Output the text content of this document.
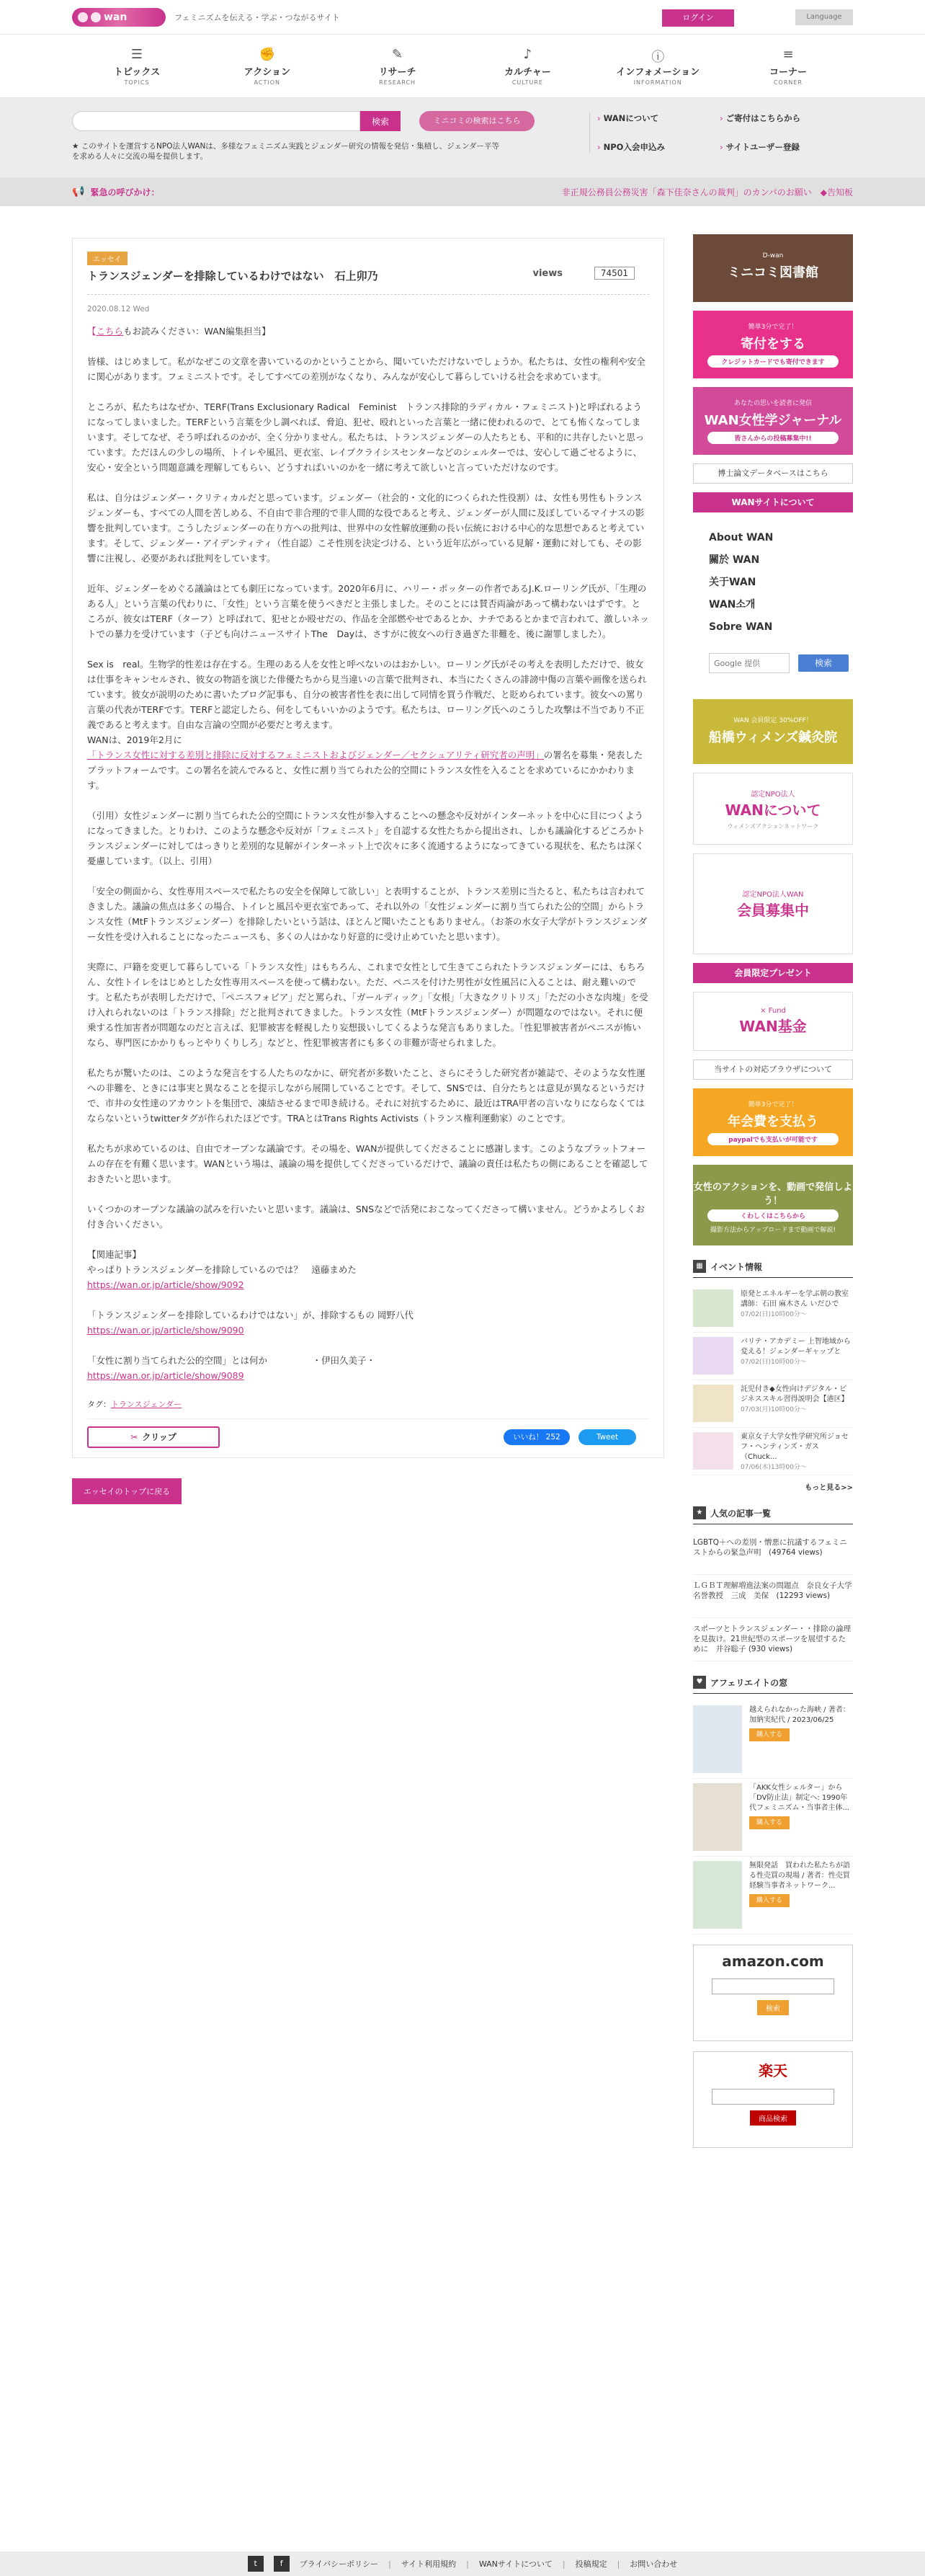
wan	フェミニズムを伝える・学ぶ・つながるサイト	ログイン	Language
☰
トピックス
TOPICS
✊
アクション
ACTION
✎
リサーチ
RESEARCH
♪
カルチャー
CULTURE
ⓘ
インフォメーション
INFORMATION
≡
コーナー
CORNER
検索	ミニコミの検索はこちら
★ このサイトを運営するNPO法人WANは、多様なフェミニズム実践とジェンダー研究の情報を発信・集積し、ジェンダー平等を求める人々に交流の場を提供します。
› WANについて	› ご寄付はこちらから
› NPO入会申込み	› サイトユーザー登録
📢 緊急の呼びかけ：	非正規公務員公務災害「森下佳奈さんの裁判」のカンパのお願い　◆告知板
エッセイ
トランスジェンダーを排除しているわけではない　石上卯乃	views	74501
2020.08.12 Wed

【こちらもお読みください：WAN編集担当】

皆様、はじめまして。私がなぜこの文章を書いているのかということから、聞いていただけないでしょうか。私たちは、女性の権利や安全に関心があります。フェミニストです。そしてすべての差別がなくなり、みんなが安心して暮らしていける社会を求めています。

ところが、私たちはなぜか、TERF(Trans Exclusionary Radical　Feminist　トランス排除的ラディカル・フェミニスト)と呼ばれるようになってしまいました。TERFという言葉を少し調べれば、脅迫、犯せ、殴れといった言葉と一緒に使われるので、とても怖くなってしまいます。そしてなぜ、そう呼ばれるのかが、全く分かりません。私たちは、トランスジェンダーの人たちとも、平和的に共存したいと思っています。ただほんの少しの場所、トイレや風呂、更衣室、レイプクライシスセンターなどのシェルターでは、安心して過ごせるように、安心・安全という問題意識を理解してもらい、どうすればいいのかを一緒に考えて欲しいと言っていただけなのです。

私は、自分はジェンダー・クリティカルだと思っています。ジェンダー（社会的・文化的につくられた性役割）は、女性も男性もトランスジェンダーも、すべての人間を苦しめる、不自由で非合理的で非人間的な役であると考え、ジェンダーが人間に及ぼしているマイナスの影響を批判しています。こうしたジェンダーの在り方への批判は、世界中の女性解放運動の長い伝統における中心的な思想であると考えています。そして、ジェンダー・アイデンティティ（性自認）こそ性別を決定づける、という近年広がっている見解・運動に対しても、その影響に注視し、必要があれば批判をしています。

近年、ジェンダーをめぐる議論はとても劇圧になっています。2020年6月に、ハリー・ポッターの作者であるJ.K.ローリング氏が、「生理のある人」という言葉の代わりに、「女性」という言葉を使うべきだと主張しました。そのことには賛否両論があって構わないはずです。ところが、彼女はTERF（ターフ）と呼ばれて、犯せとか殴せだの、作品を全部燃やせであるとか、ナチであるとかまで言われて、激しいネットでの暴力を受けています（子ども向けニュースサイトThe　Dayは、さすがに彼女への行き過ぎた非難を、後に謝罪しました）。

Sex is　real。生物学的性差は存在する。生理のある人を女性と呼べないのはおかしい。ローリング氏がその考えを表明しただけで、彼女は仕事をキャンセルされ、彼女の物語を演じた俳優たちから見当違いの言葉で批判され、本当にたくさんの誹謗中傷の言葉や画像を送られています。彼女が説明のために書いたブログ記事も、自分の被害者性を表に出して同情を買う作戦だ、と貶められています。彼女への罵り言葉の代表がTERFです。TERFと認定したら、何をしてもいいかのようです。私たちは、ローリング氏へのこうした攻撃は不当であり不正義であると考えます。自由な言論の空間が必要だと考えます。
WANは、2019年2月に
「トランス女性に対する差別と排除に反対するフェミニストおよびジェンダー／セクシュアリティ研究者の声明」の署名を募集・発表したプラットフォームです。この署名を読んでみると、女性に割り当てられた公的空間にトランス女性を入ることを求めているにかかわります。

（引用）女性ジェンダーに割り当てられた公的空間にトランス女性が参入することへの懸念や反対がインターネットを中心に目につくようになってきました。とりわけ、このような懸念や反対が「フェミニスト」を自認する女性たちから提出され、しかも議論化するどころかトランスジェンダーに対してはっきりと差別的な見解がインターネット上で次々に多く流通するようになってきている現状を、私たちは深く憂慮しています。（以上、引用）

「安全の側面から、女性専用スペースで私たちの安全を保障して欲しい」と表明することが、トランス差別に当たると、私たちは言われてきました。議論の焦点は多くの場合、トイレと風呂や更衣室であって、それ以外の「女性ジェンダーに割り当てられた公的空間」からトランス女性（MtFトランスジェンダー）を排除したいという話は、ほとんど聞いたこともありません。（お茶の水女子大学がトランスジェンダー女性を受け入れることになったニュースも、多くの人はかなり好意的に受け止めていたと思います）。

実際に、戸籍を変更して暮らしている「トランス女性」はもちろん、これまで女性として生きてこられたトランスジェンダーには、もちろん、女性トイレをはじめとした女性専用スペースを使って構わない。ただ、ペニスを付けた男性が女性風呂に入ることは、耐え難いのです。と私たちが表明しただけで、「ペニスフォビア」だと罵られ、「ガールディック」「女根」「大きなクリトリス」「ただの小さな肉塊」を受け入れられないのは「トランス排除」だと批判されてきました。トランス女性（MtFトランスジェンダー）が問題なのではない。それに便乗する性加害者が問題なのだと言えば、犯罪被害を軽視したり妄想扱いしてくるような発言もありました。「性犯罪被害者がペニスが怖いなら、専門医にかかりもっとやりくりしろ」などと、性犯罪被害者にも多くの非難が寄せられました。

私たちが驚いたのは、このような発言をする人たちのなかに、研究者が多数いたこと、さらにそうした研究者が雑誌で、そのような女性運への非難を、ときには事実と異なることを提示しながら展開していることです。そして、SNSでは、自分たちとは意見が異なるというだけで、市井の女性達のアカウントを集団で、凍結させるまで叩き続ける。それに対抗するために、最近はTRA甲者の言いなりにならなくてはならないというtwitterタグが作られたほどです。TRAとはTrans Rights Activists（トランス権利運動家）のことです。

私たちが求めているのは、自由でオープンな議論です。その場を、WANが提供してくださることに感謝します。このようなプラットフォームの存在を有難く思います。WANという場は、議論の場を提供してくださっているだけで、議論の責任は私たちの側にあることを確認しておきたいと思います。

いくつかのオープンな議論の試みを行いたいと思います。議論は、SNSなどで活発におこなってくださって構いません。どうかよろしくお付き合いください。

【関連記事】
やっぱりトランスジェンダーを排除しているのでは？　遠藤まめた
https://wan.or.jp/article/show/9092

「トランスジェンダーを排除しているわけではない」が、排除するもの 岡野八代
https://wan.or.jp/article/show/9090

「女性に割り当てられた公的空間」とは何か　　　　　・伊田久美子・
https://wan.or.jp/article/show/9089

タグ：トランスジェンダー
✂ クリップ	いいね！ 252	Tweet
エッセイのトップに戻る
D-wan
ミニコミ図書館
簡単3分で完了！
寄付をする
クレジットカードでも寄付できます
あなたの思いを読者に発信
WAN女性学ジャーナル
皆さんからの投稿募集中!!
博士論文データベースはこちら
WANサイトについて
About WAN
關於 WAN
关于WAN
WAN소개
Sobre WAN
Google 提供
検索
WAN 会員限定 30%OFF！
船橋ウィメンズ鍼灸院
認定NPO法人
WANについて
ウィメンズアクションネットワーク
認定NPO法人WAN
会員募集中
会員限定プレゼント
× Fund
WAN基金
当サイトの対応ブラウザについて
簡単3分で完了！
年会費を支払う
paypalでも支払いが可能です
女性のアクションを、動画で発信しよう！
くわしくはこちらから
撮影方法からアップロードまで動画で解説!
▦ イベント情報
原発とエネルギーを学ぶ朝の教室 講師：石田 麻木さん いだひで
07/02(日)10時00分〜
バリテ・アカデミー 上智地域から変える！ジェンダーギャップと
07/02(日)10時00分〜
託児付き◆女性向けデジタル・ビジネススキル習得説明会【港区】
07/03(月)10時00分〜
東京女子大学女性学研究所ジョセフ・ヘンティンズ・ガス（Chuck...
07/06(木)13時00分〜
もっと見る>>
★ 人気の記事一覧
LGBTQ＋への差別・憎悪に抗議するフェミニストからの緊急声明　(49764 views)
ＬＧＢＴ理解増進法案の問題点　奈良女子大学名誉教授　三成　美保　(12293 views)
スポーツとトランスジェンダー・・排除の論理を見抜け。21世紀型のスポーツを展望するために　井谷聡子 (930 views)
♥ アフェリエイトの窓
越えられなかった海峡 / 著者：加納実紀代 / 2023/06/25
購入する
「AKK女性シェルター」から「DV防止法」制定へ: 1990年代フェミニズム・当事者主体...
購入する
無限発話　買われた私たちが語る性売買の現場 / 著者：性売買経験当事者ネットワーク...
購入する
amazon.com

検索
楽天

商品検索
t	f	プライバシーポリシー | サイト利用規約 | WANサイトについて | 投稿規定 | お問い合わせ
